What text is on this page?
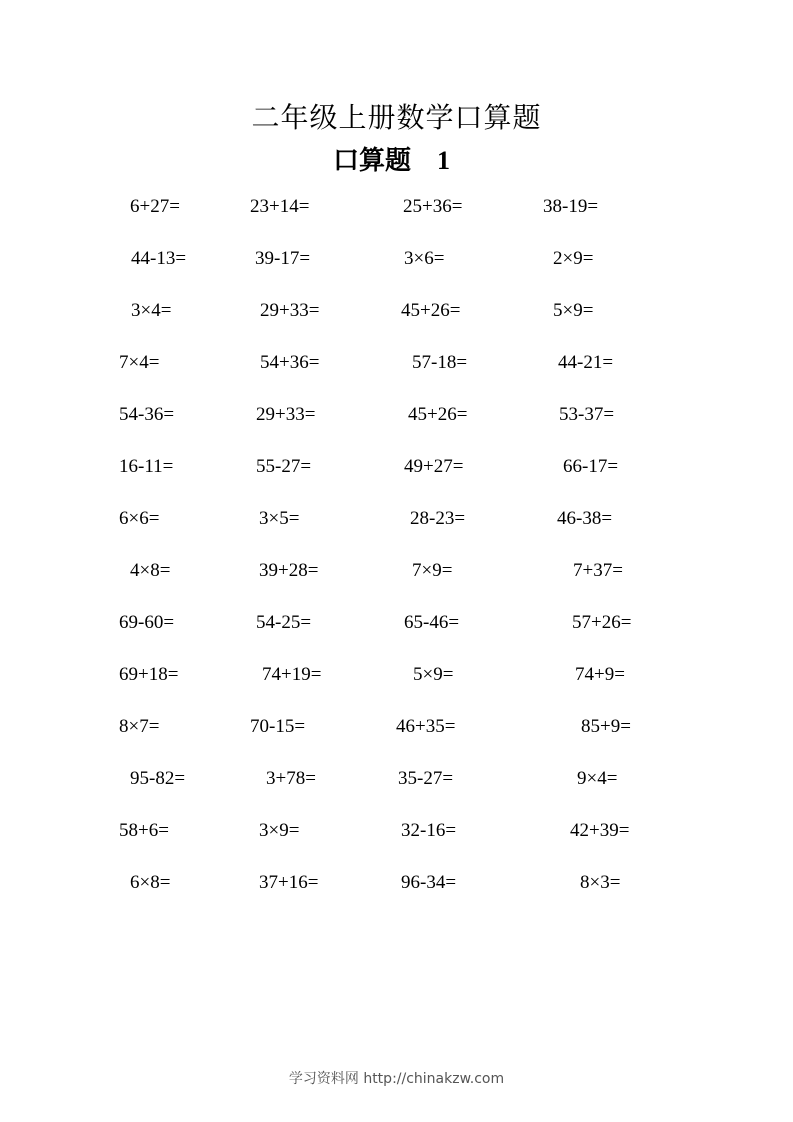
二年级上册数学口算题
口算题 1
6+27=	23+14=	25+36=	38-19=
44-13=	39-17=	3×6=	2×9=
3×4=	29+33=	45+26=	5×9=
7×4=	54+36=	57-18=	44-21=
54-36=	29+33=	45+26=	53-37=
16-11=	55-27=	49+27=	66-17=
6×6=	3×5=	28-23=	46-38=
4×8=	39+28=	7×9=	7+37=
69-60=	54-25=	65-46=	57+26=
69+18=	74+19=	5×9=	74+9=
8×7=	70-15=	46+35=	85+9=
95-82=	3+78=	35-27=	9×4=
58+6=	3×9=	32-16=	42+39=
6×8=	37+16=	96-34=	8×3=
学习资料网 http://chinakzw.com
